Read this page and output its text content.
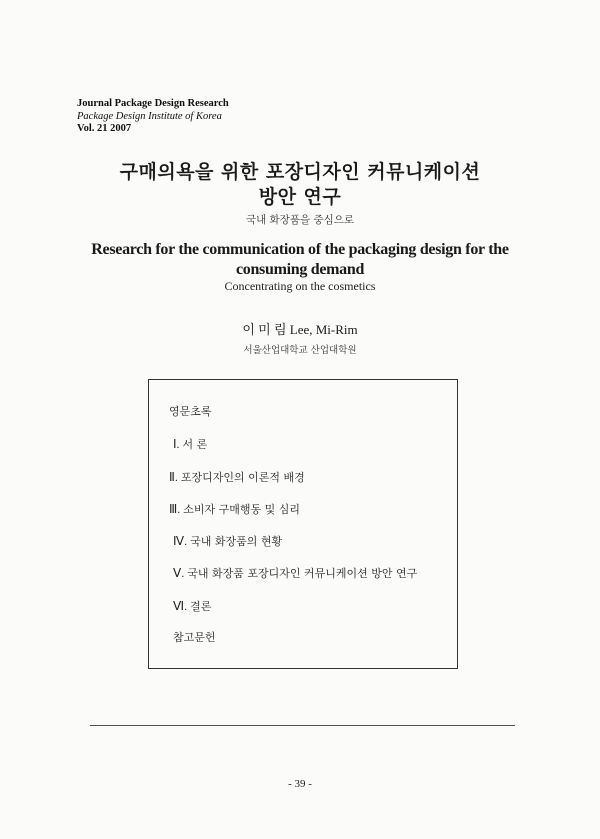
Journal Package Design Research
Package Design Institute of Korea
Vol. 21 2007
구매의욕을 위한 포장디자인 커뮤니케이션
방안 연구
국내 화장품을 중심으로
Research for the communication of the packaging design for the
consuming demand
Concentrating on the cosmetics
이 미 림 Lee, Mi-Rim
서울산업대학교 산업대학원
영문초록
Ⅰ. 서 론
Ⅱ. 포장디자인의 이론적 배경
Ⅲ. 소비자 구매행동 및 심리
Ⅳ. 국내 화장품의 현황
Ⅴ. 국내 화장품 포장디자인 커뮤니케이션 방안 연구
Ⅵ. 결론
참고문헌
- 39 -
